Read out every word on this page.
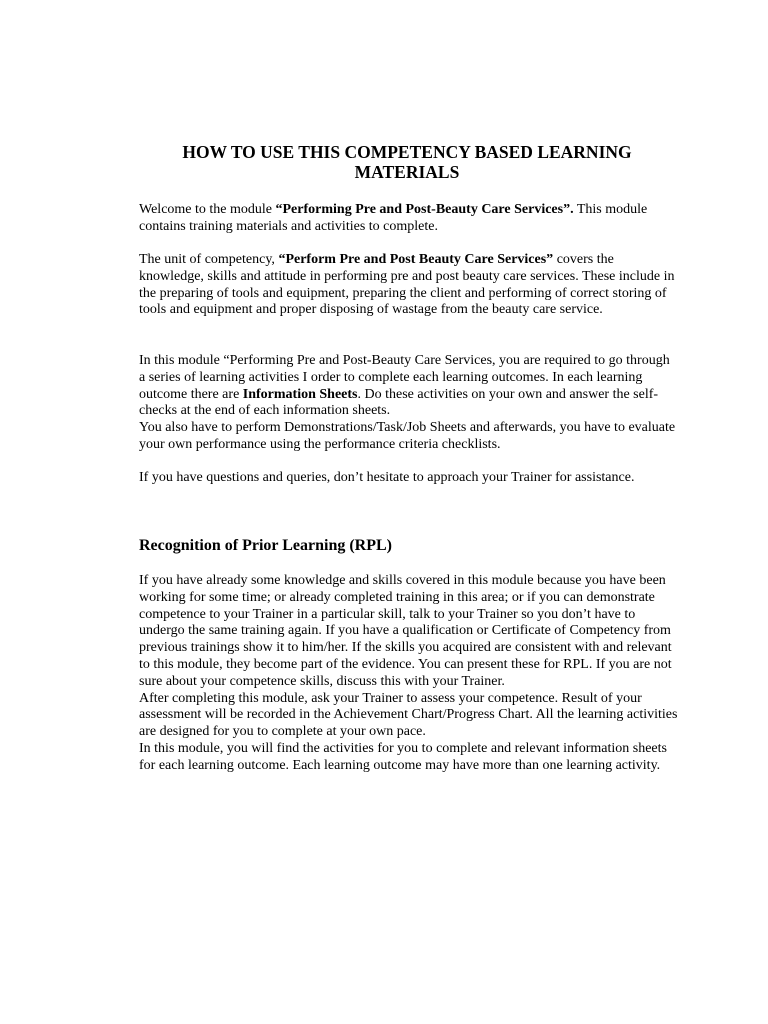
HOW TO USE THIS COMPETENCY BASED LEARNING
MATERIALS

Welcome to the module “Performing Pre and Post-Beauty Care Services”. This module contains training materials and activities to complete.

The unit of competency, “Perform Pre and Post Beauty Care Services” covers the knowledge, skills and attitude in performing pre and post beauty care services. These include in the preparing of tools and equipment, preparing the client and performing of correct storing of tools and equipment and proper disposing of wastage from the beauty care service.

In this module “Performing Pre and Post-Beauty Care Services, you are required to go through a series of learning activities I order to complete each learning outcomes. In each learning outcome there are Information Sheets. Do these activities on your own and answer the self-checks at the end of each information sheets.
You also have to perform Demonstrations/Task/Job Sheets and afterwards, you have to evaluate your own performance using the performance criteria checklists.

If you have questions and queries, don’t hesitate to approach your Trainer for assistance.

Recognition of Prior Learning (RPL)

If you have already some knowledge and skills covered in this module because you have been working for some time; or already completed training in this area; or if you can demonstrate competence to your Trainer in a particular skill, talk to your Trainer so you don’t have to undergo the same training again. If you have a qualification or Certificate of Competency from previous trainings show it to him/her. If the skills you acquired are consistent with and relevant to this module, they become part of the evidence. You can present these for RPL. If you are not sure about your competence skills, discuss this with your Trainer.
After completing this module, ask your Trainer to assess your competence. Result of your assessment will be recorded in the Achievement Chart/Progress Chart. All the learning activities are designed for you to complete at your own pace.
In this module, you will find the activities for you to complete and relevant information sheets for each learning outcome. Each learning outcome may have more than one learning activity.
